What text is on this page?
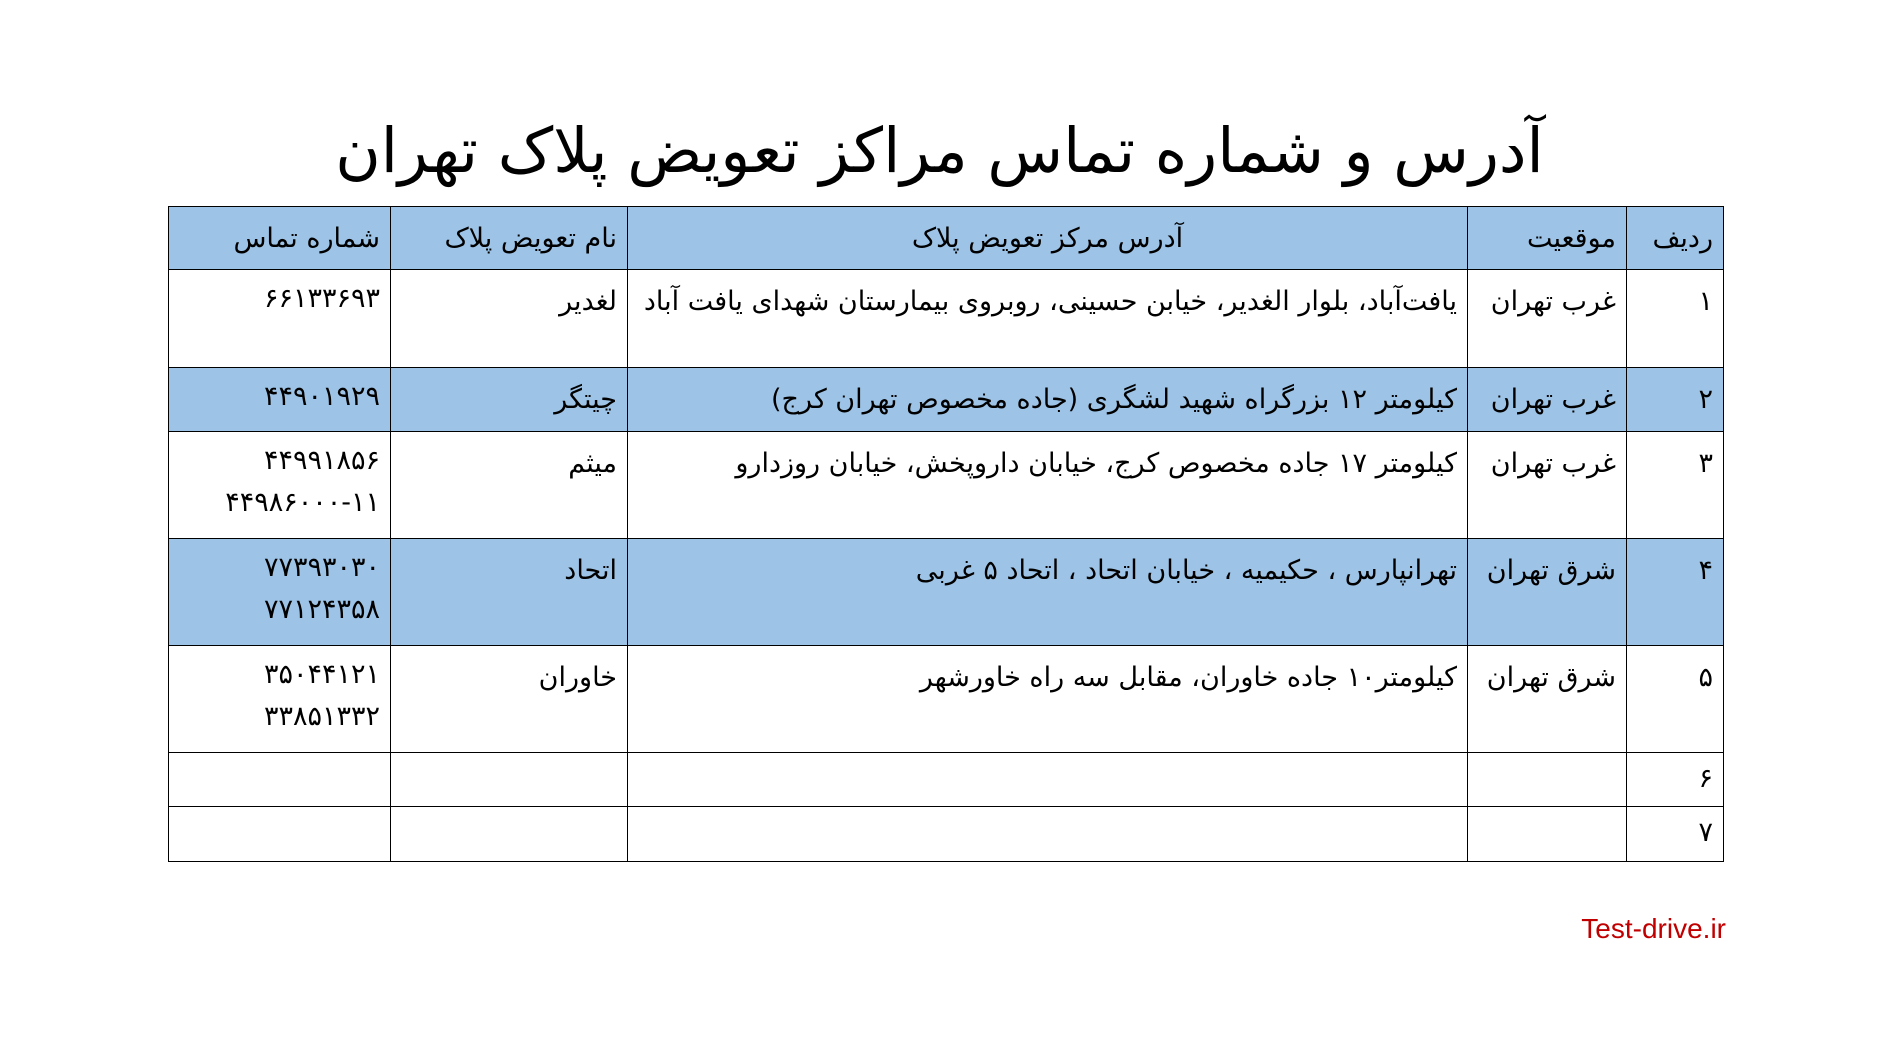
آدرس و شماره تماس مراکز تعویض پلاک تهران
ردیف	موقعیت	آدرس مرکز تعویض پلاک	نام تعویض پلاک	شماره تماس

۱	غرب تهران	یافت‌آباد، بلوار الغدیر، خیابن حسینی، روبروی بیمارستان شهدای یافت آباد	لغدیر	۶۶۱۳۳۶۹۳

۲	غرب تهران	کیلومتر ۱۲ بزرگراه شهید لشگری (جاده مخصوص تهران کرج)	چیتگر	۴۴۹۰۱۹۲۹

۳	غرب تهران	کیلومتر ۱۷ جاده مخصوص کرج، خیابان داروپخش، خیابان روزدارو	میثم	۴۴۹۹۱۸۵۶
۴۴۹۸۶۰۰۰-۱۱

۴	شرق تهران	تهرانپارس ، حکیمیه ، خیابان اتحاد ، اتحاد ۵ غربی	اتحاد	۷۷۳۹۳۰۳۰
۷۷۱۲۴۳۵۸

۵	شرق تهران	کیلومتر۱۰ جاده خاوران، مقابل سه راه خاورشهر	خاوران	۳۵۰۴۴۱۲۱
۳۳۸۵۱۳۳۲

۶				

۷				

Test-drive.ir
